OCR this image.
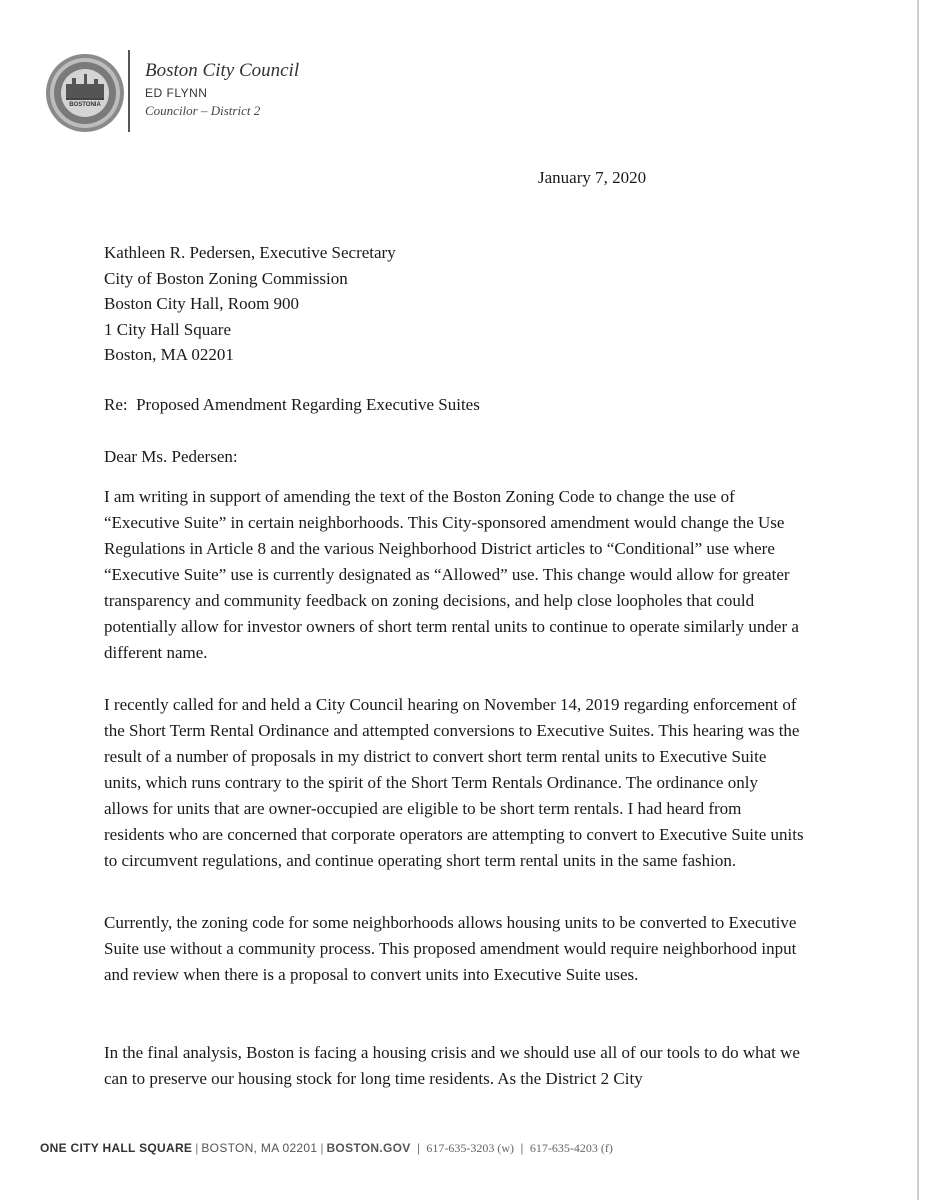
BOSTONIA
Boston City Council
ED FLYNN
Councilor – District 2
January 7, 2020
Kathleen R. Pedersen, Executive Secretary
City of Boston Zoning Commission
Boston City Hall, Room 900
1 City Hall Square
Boston, MA 02201
Re:  Proposed Amendment Regarding Executive Suites
Dear Ms. Pedersen:

I am writing in support of amending the text of the Boston Zoning Code to change the use of “Executive Suite” in certain neighborhoods. This City-sponsored amendment would change the Use Regulations in Article 8 and the various Neighborhood District articles to “Conditional” use where “Executive Suite” use is currently designated as “Allowed” use. This change would allow for greater transparency and community feedback on zoning decisions, and help close loopholes that could potentially allow for investor owners of short term rental units to continue to operate similarly under a different name.

I recently called for and held a City Council hearing on November 14, 2019 regarding enforcement of the Short Term Rental Ordinance and attempted conversions to Executive Suites. This hearing was the result of a number of proposals in my district to convert short term rental units to Executive Suite units, which runs contrary to the spirit of the Short Term Rentals Ordinance. The ordinance only allows for units that are owner-occupied are eligible to be short term rentals. I had heard from residents who are concerned that corporate operators are attempting to convert to Executive Suite units to circumvent regulations, and continue operating short term rental units in the same fashion.

Currently, the zoning code for some neighborhoods allows housing units to be converted to Executive Suite use without a community process. This proposed amendment would require neighborhood input and review when there is a proposal to convert units into Executive Suite uses.

In the final analysis, Boston is facing a housing crisis and we should use all of our tools to do what we can to preserve our housing stock for long time residents. As the District 2 City

ONE CITY HALL SQUARE | BOSTON, MA 02201 | BOSTON.GOV | 617-635-3203 (w) | 617-635-4203 (f)
